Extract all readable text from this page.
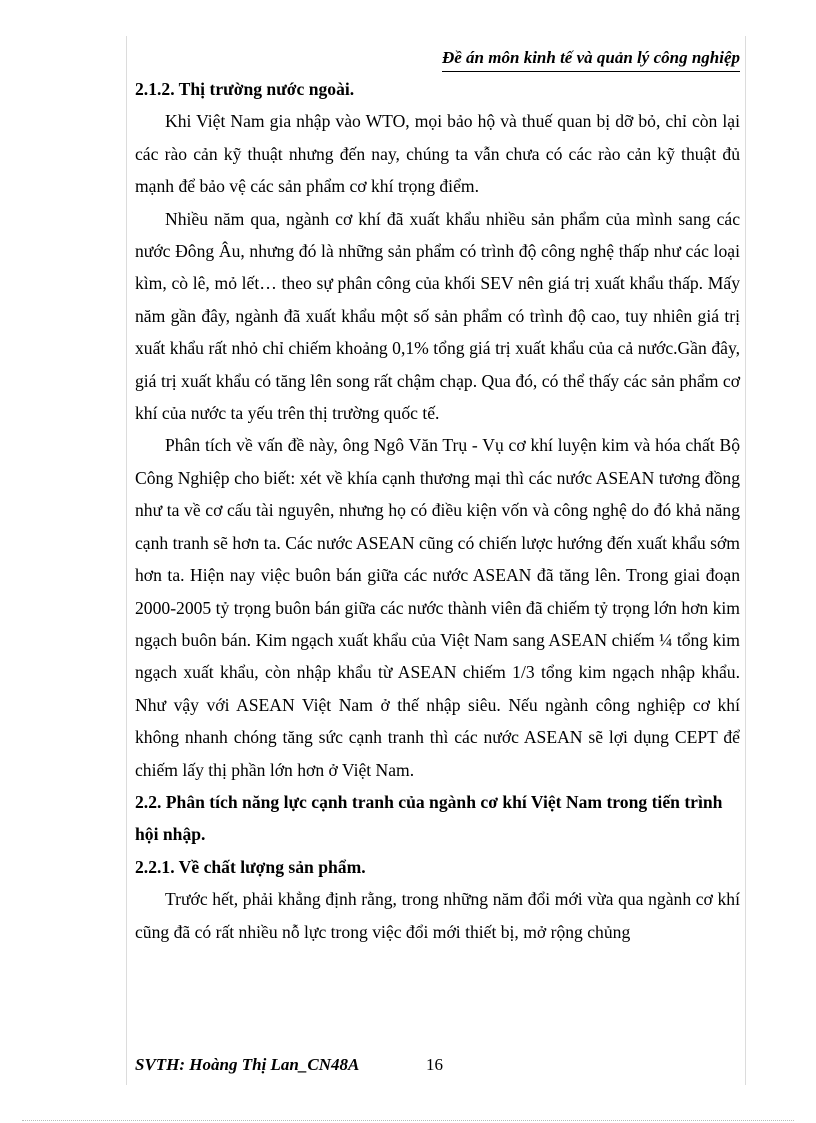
Đề án môn kinh tế và quản lý công nghiệp

2.1.2. Thị trường nước ngoài.

Khi Việt Nam gia nhập vào WTO, mọi bảo hộ và thuế quan bị dỡ bỏ, chỉ còn lại các rào cản kỹ thuật nhưng đến nay, chúng ta vẫn chưa có các rào cản kỹ thuật đủ mạnh để bảo vệ các sản phẩm cơ khí trọng điểm.

Nhiều năm qua, ngành cơ khí đã xuất khẩu nhiều sản phẩm của mình sang các nước Đông Âu, nhưng đó là những sản phẩm có trình độ công nghệ thấp như các loại kìm, cò lê, mỏ lết… theo sự phân công của khối SEV nên giá trị xuất khẩu thấp. Mấy năm gần đây, ngành đã xuất khẩu một số sản phẩm có trình độ cao, tuy nhiên giá trị xuất khẩu rất nhỏ chỉ chiếm khoảng 0,1% tổng giá trị xuất khẩu của cả nước.Gần đây, giá trị xuất khẩu có tăng lên song rất chậm chạp. Qua đó, có thể thấy các sản phẩm cơ khí của nước ta yếu trên thị trường quốc tế.

Phân tích về vấn đề này, ông Ngô Văn Trụ - Vụ cơ khí luyện kim và hóa chất Bộ Công Nghiệp cho biết: xét về khía cạnh thương mại thì các nước ASEAN tương đồng như ta về cơ cấu tài nguyên, nhưng họ có điều kiện vốn và công nghệ do đó khả năng cạnh tranh sẽ hơn ta. Các nước ASEAN cũng có chiến lược hướng đến xuất khẩu sớm hơn ta. Hiện nay việc buôn bán giữa các nước ASEAN đã tăng lên. Trong giai đoạn 2000-2005 tỷ trọng buôn bán giữa các nước thành viên đã chiếm tỷ trọng lớn hơn kim ngạch buôn bán. Kim ngạch xuất khẩu của Việt Nam sang ASEAN chiếm ¼ tổng kim ngạch xuất khẩu, còn nhập khẩu từ ASEAN chiếm 1/3 tổng kim ngạch nhập khẩu. Như vậy với ASEAN Việt Nam ở thế nhập siêu. Nếu ngành công nghiệp cơ khí không nhanh chóng tăng sức cạnh tranh thì các nước ASEAN sẽ lợi dụng CEPT để chiếm lấy thị phần lớn hơn ở Việt Nam.

2.2. Phân tích năng lực cạnh tranh của ngành cơ khí Việt Nam trong tiến trình hội nhập.

2.2.1. Về chất lượng sản phẩm.

Trước hết, phải khẳng định rằng, trong những năm đổi mới vừa qua ngành cơ khí cũng đã có rất nhiều nỗ lực trong việc đổi mới thiết bị, mở rộng chủng

SVTH: Hoàng Thị Lan_CN48A	16
